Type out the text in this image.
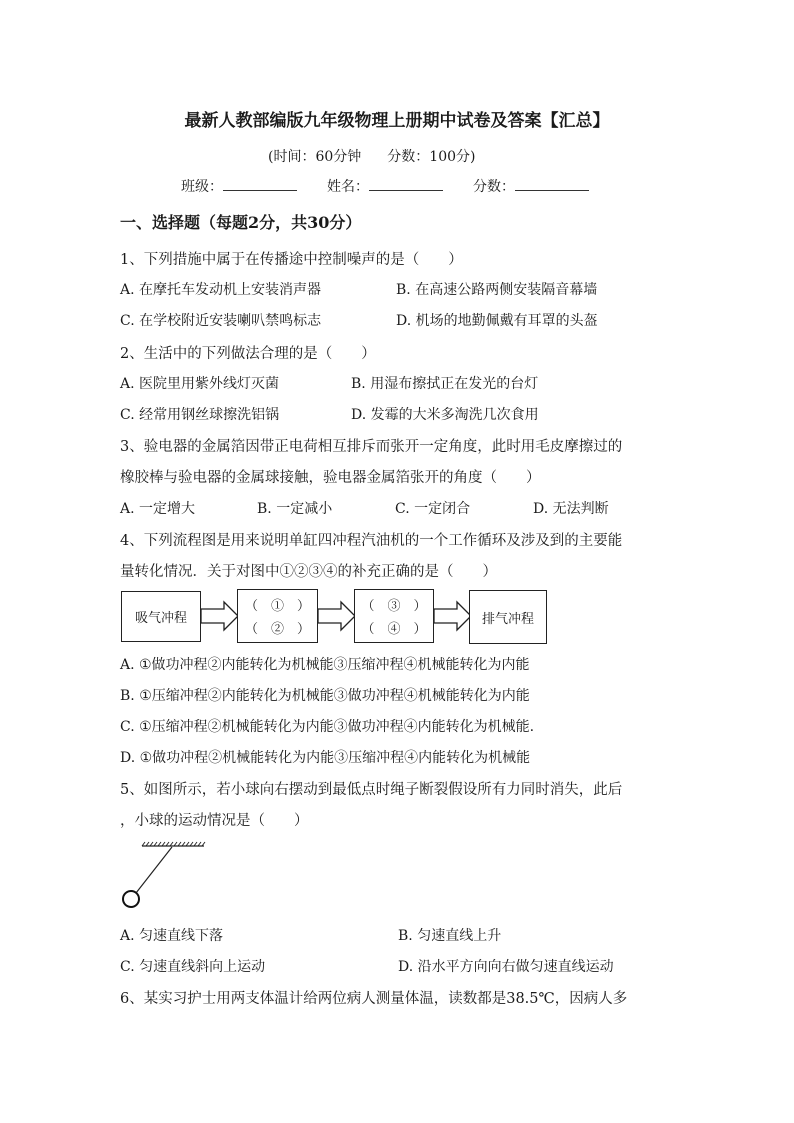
最新人教部编版九年级物理上册期中试卷及答案【汇总】
(时间：60分钟 分数：100分)
班级：	姓名：	分数：
一、选择题（每题2分，共30分）
1、下列措施中属于在传播途中控制噪声的是（　　）
A. 在摩托车发动机上安装消声器	B. 在高速公路两侧安装隔音幕墙
C. 在学校附近安装喇叭禁鸣标志	D. 机场的地勤佩戴有耳罩的头盔
2、生活中的下列做法合理的是（　　）
A. 医院里用紫外线灯灭菌	B. 用湿布擦拭正在发光的台灯
C. 经常用钢丝球擦洗铝锅	D. 发霉的大米多淘洗几次食用
3、验电器的金属箔因带正电荷相互排斥而张开一定角度，此时用毛皮摩擦过的
橡胶棒与验电器的金属球接触，验电器金属箔张开的角度（　　）
A. 一定增大	B. 一定减小	C. 一定闭合	D. 无法判断
4、下列流程图是用来说明单缸四冲程汽油机的一个工作循环及涉及到的主要能
量转化情况．关于对图中①②③④的补充正确的是（　　）
吸气冲程
（　①　）
（　②　）
（　③　）
（　④　）
排气冲程
A. ①做功冲程②内能转化为机械能③压缩冲程④机械能转化为内能
B. ①压缩冲程②内能转化为机械能③做功冲程④机械能转化为内能
C. ①压缩冲程②机械能转化为内能③做功冲程④内能转化为机械能.
D. ①做功冲程②机械能转化为内能③压缩冲程④内能转化为机械能
5、如图所示，若小球向右摆动到最低点时绳子断裂假设所有力同时消失，此后
，小球的运动情况是（　　）
A. 匀速直线下落	B. 匀速直线上升
C. 匀速直线斜向上运动	D. 沿水平方向向右做匀速直线运动
6、某实习护士用两支体温计给两位病人测量体温，读数都是38.5℃，因病人多
